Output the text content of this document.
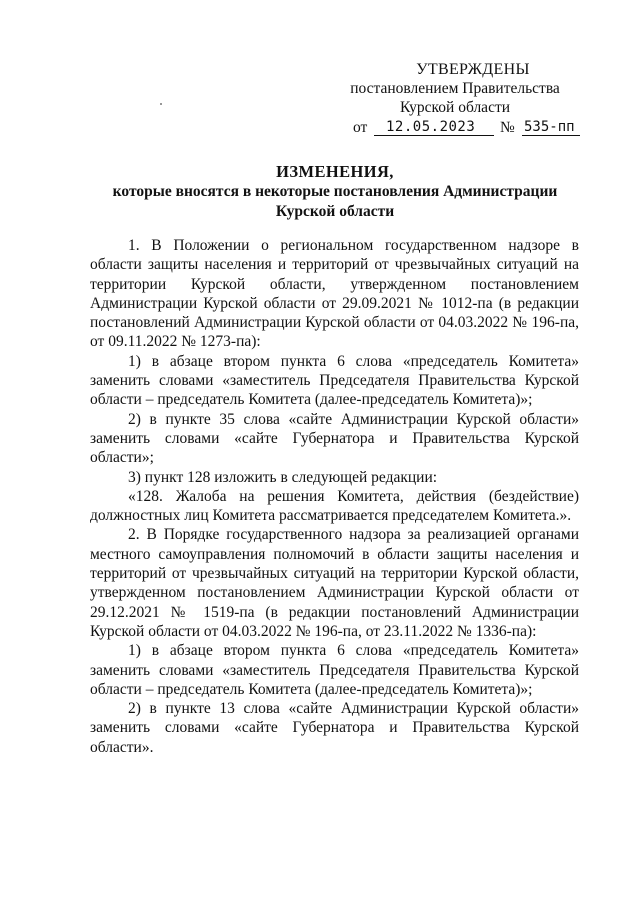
УТВЕРЖДЕНЫ
постановлением Правительства
Курской области
от	12.05.2023	№ 535-пп
ИЗМЕНЕНИЯ,
которые вносятся в некоторые постановления Администрации
Курской области

1. В Положении о региональном государственном надзоре в области защиты населения и территорий от чрезвычайных ситуаций на территории Курской области, утвержденном постановлением Администрации Курской области от 29.09.2021 № 1012-па (в редакции постановлений Администрации Курской области от 04.03.2022 № 196-па, от 09.11.2022 № 1273-па):

1) в абзаце втором пункта 6 слова «председатель Комитета» заменить словами «заместитель Председателя Правительства Курской области – председатель Комитета (далее-председатель Комитета)»;

2) в пункте 35 слова «сайте Администрации Курской области» заменить словами «сайте Губернатора и Правительства Курской области»;

3) пункт 128 изложить в следующей редакции:

«128. Жалоба на решения Комитета, действия (бездействие) должностных лиц Комитета рассматривается председателем Комитета.».

2. В Порядке государственного надзора за реализацией органами местного самоуправления полномочий в области защиты населения и территорий от чрезвычайных ситуаций на территории Курской области, утвержденном постановлением Администрации Курской области от 29.12.2021 № 1519-па (в редакции постановлений Администрации Курской области от 04.03.2022 № 196-па, от 23.11.2022 № 1336-па):

1) в абзаце втором пункта 6 слова «председатель Комитета» заменить словами «заместитель Председателя Правительства Курской области – председатель Комитета (далее-председатель Комитета)»;

2) в пункте 13 слова «сайте Администрации Курской области» заменить словами «сайте Губернатора и Правительства Курской области».
